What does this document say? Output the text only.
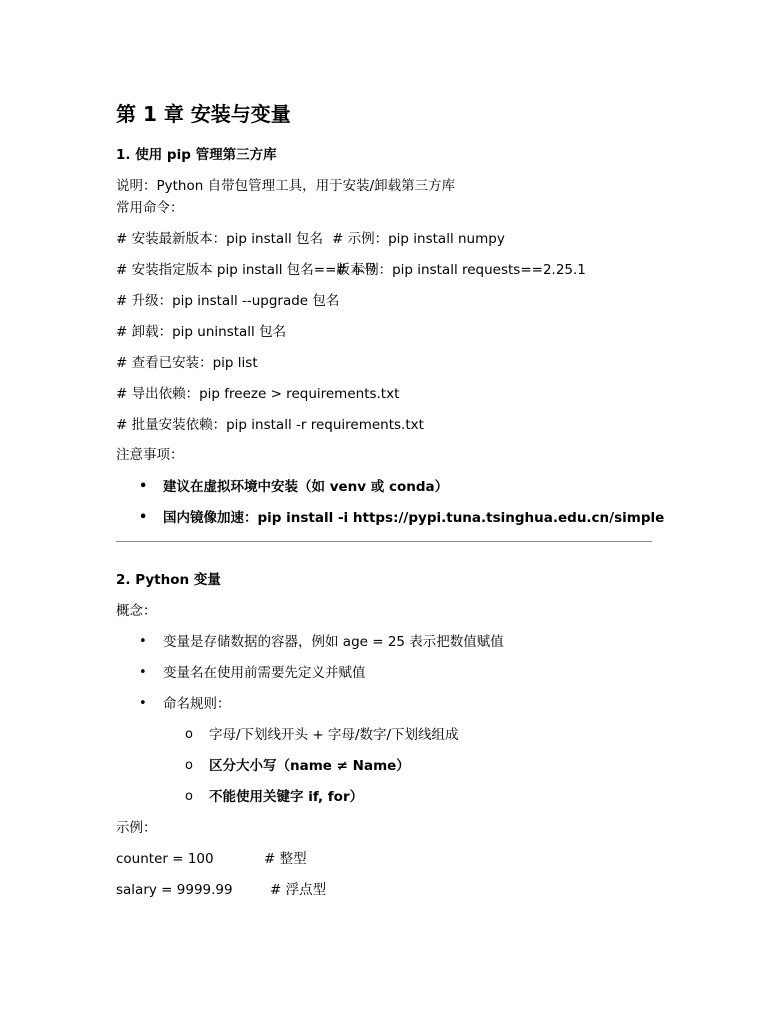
第 1 章 安装与变量
1. 使用 pip 管理第三方库
说明：Python 自带包管理工具，用于安装/卸载第三方库
常用命令：
# 安装最新版本：pip install 包名 # 示例：pip install numpy
# 安装指定版本 pip install 包名==版本号# 示例：pip install requests==2.25.1
# 升级：pip install --upgrade 包名
# 卸载：pip uninstall 包名
# 查看已安装：pip list
# 导出依赖：pip freeze > requirements.txt
# 批量安装依赖：pip install -r requirements.txt
注意事项：
• 建议在虚拟环境中安装（如 venv 或 conda）
• 国内镜像加速：pip install -i https://pypi.tuna.tsinghua.edu.cn/simple
2. Python 变量
概念：
• 变量是存储数据的容器，例如 age = 25 表示把数值赋值
• 变量名在使用前需要先定义并赋值
• 命名规则：
o 字母/下划线开头 + 字母/数字/下划线组成
o 区分大小写（name ≠ Name）
o 不能使用关键字 if, for）
示例：
counter = 100	# 整型
salary = 9999.99	# 浮点型
